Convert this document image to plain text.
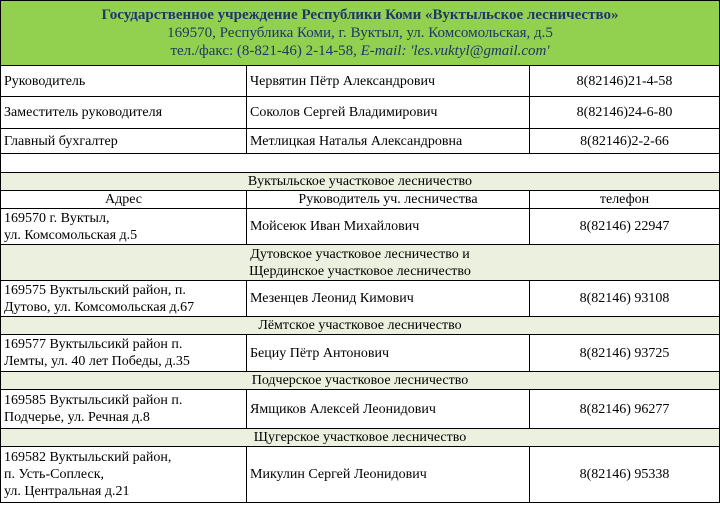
Государственное учреждение Республики Коми «Вуктыльское лесничество»
169570, Республика Коми, г. Вуктыл, ул. Комсомольская, д.5
тел./факс: (8-821-46) 2-14-58, E-mail: 'les.vuktyl@gmail.com'		

Руководитель	Червятин Пётр Александрович	8(82146)21-4-58
Заместитель руководителя	Соколов Сергей Владимирович	8(82146)24-6-80
Главный бухгалтер	Метлицкая Наталья Александровна	8(82146)2-2-66

Вуктыльское участковое лесничество		
Адрес	Руководитель уч. лесничества	телефон

169570 г. Вуктыл,
ул. Комсомольская д.5	Мойсеюк Иван Михайлович	8(82146) 22947

Дутовское участковое лесничество и
Щердинское участковое лесничество		

169575 Вуктыльский район, п.
Дутово, ул. Комсомольская д.67	Мезенцев Леонид Кимович	8(82146) 93108
Лёмтское участковое лесничество		

169577 Вуктыльсикй район п.
Лемты, ул. 40 лет Победы, д.35	Бециу Пётр Антонович	8(82146) 93725
Подчерское участковое лесничество		

169585 Вуктыльсикй район п.
Подчерье, ул. Речная д.8	Ямщиков Алексей Леонидович	8(82146) 96277
Щугерское участковое лесничество		

169582 Вуктыльский район,
п. Усть-Соплеск,
ул. Центральная д.21	Микулин Сергей Леонидович	8(82146) 95338
